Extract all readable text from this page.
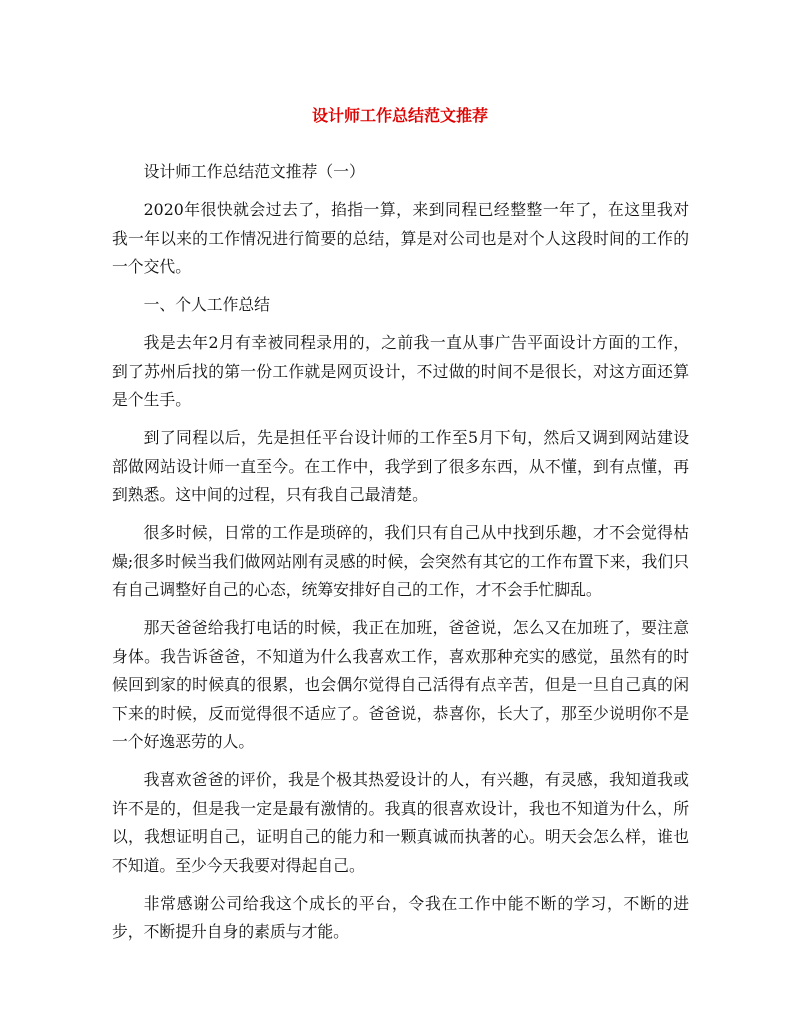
设计师工作总结范文推荐

设计师工作总结范文推荐（一）

2020年很快就会过去了，掐指一算，来到同程已经整整一年了，在这里我对我一年以来的工作情况进行简要的总结，算是对公司也是对个人这段时间的工作的一个交代。

一、个人工作总结

我是去年2月有幸被同程录用的，之前我一直从事广告平面设计方面的工作，到了苏州后找的第一份工作就是网页设计，不过做的时间不是很长，对这方面还算是个生手。

到了同程以后，先是担任平台设计师的工作至5月下旬，然后又调到网站建设部做网站设计师一直至今。在工作中，我学到了很多东西，从不懂，到有点懂，再到熟悉。这中间的过程，只有我自己最清楚。

很多时候，日常的工作是琐碎的，我们只有自己从中找到乐趣，才不会觉得枯燥;很多时候当我们做网站刚有灵感的时候，会突然有其它的工作布置下来，我们只有自己调整好自己的心态，统筹安排好自己的工作，才不会手忙脚乱。

那天爸爸给我打电话的时候，我正在加班，爸爸说，怎么又在加班了，要注意身体。我告诉爸爸，不知道为什么我喜欢工作，喜欢那种充实的感觉，虽然有的时候回到家的时候真的很累，也会偶尔觉得自己活得有点辛苦，但是一旦自己真的闲下来的时候，反而觉得很不适应了。爸爸说，恭喜你，长大了，那至少说明你不是一个好逸恶劳的人。

我喜欢爸爸的评价，我是个极其热爱设计的人，有兴趣，有灵感，我知道我或许不是的，但是我一定是最有激情的。我真的很喜欢设计，我也不知道为什么，所以，我想证明自己，证明自己的能力和一颗真诚而执著的心。明天会怎么样，谁也不知道。至少今天我要对得起自己。

非常感谢公司给我这个成长的平台，令我在工作中能不断的学习，不断的进步，不断提升自身的素质与才能。
